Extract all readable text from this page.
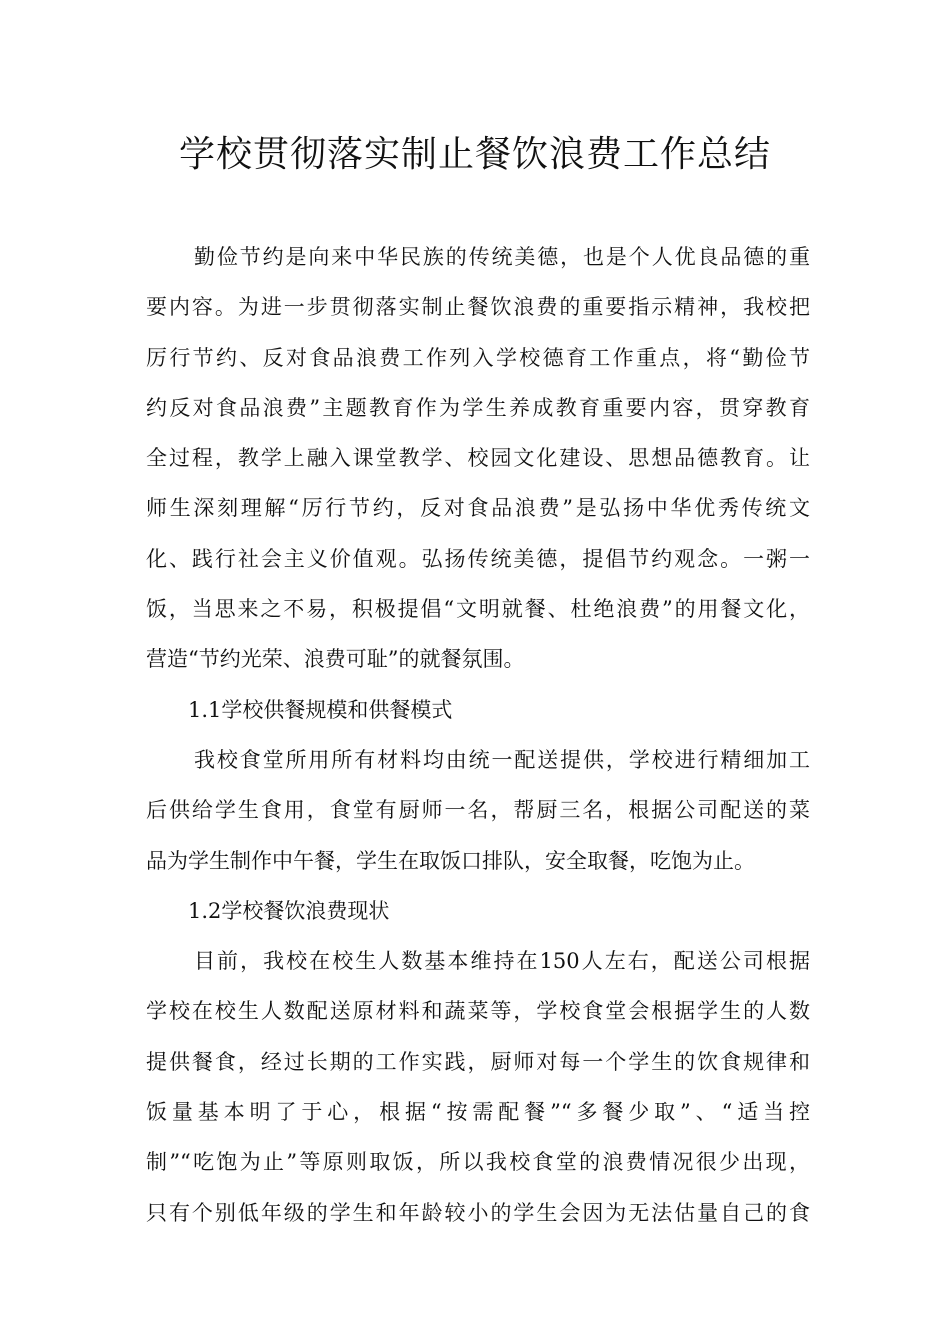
学校贯彻落实制止餐饮浪费工作总结
勤俭节约是向来中华民族的传统美德，也是个人优良品德的重
要内容。为进一步贯彻落实制止餐饮浪费的重要指示精神，我校把
厉行节约、反对食品浪费工作列入学校德育工作重点，将“勤俭节
约反对食品浪费”主题教育作为学生养成教育重要内容，贯穿教育
全过程，教学上融入课堂教学、校园文化建设、思想品德教育。让
师生深刻理解“厉行节约，反对食品浪费”是弘扬中华优秀传统文
化、践行社会主义价值观。弘扬传统美德，提倡节约观念。一粥一
饭，当思来之不易，积极提倡“文明就餐、杜绝浪费”的用餐文化，
营造“节约光荣、浪费可耻”的就餐氛围。
1.1学校供餐规模和供餐模式
我校食堂所用所有材料均由统一配送提供，学校进行精细加工
后供给学生食用，食堂有厨师一名，帮厨三名，根据公司配送的菜
品为学生制作中午餐，学生在取饭口排队，安全取餐，吃饱为止。
1.2学校餐饮浪费现状
目前，我校在校生人数基本维持在150人左右，配送公司根据
学校在校生人数配送原材料和蔬菜等，学校食堂会根据学生的人数
提供餐食，经过长期的工作实践，厨师对每一个学生的饮食规律和
饭量基本明了于心，根据“按需配餐”“多餐少取”、“适当控
制”“吃饱为止”等原则取饭，所以我校食堂的浪费情况很少出现，
只有个别低年级的学生和年龄较小的学生会因为无法估量自己的食
